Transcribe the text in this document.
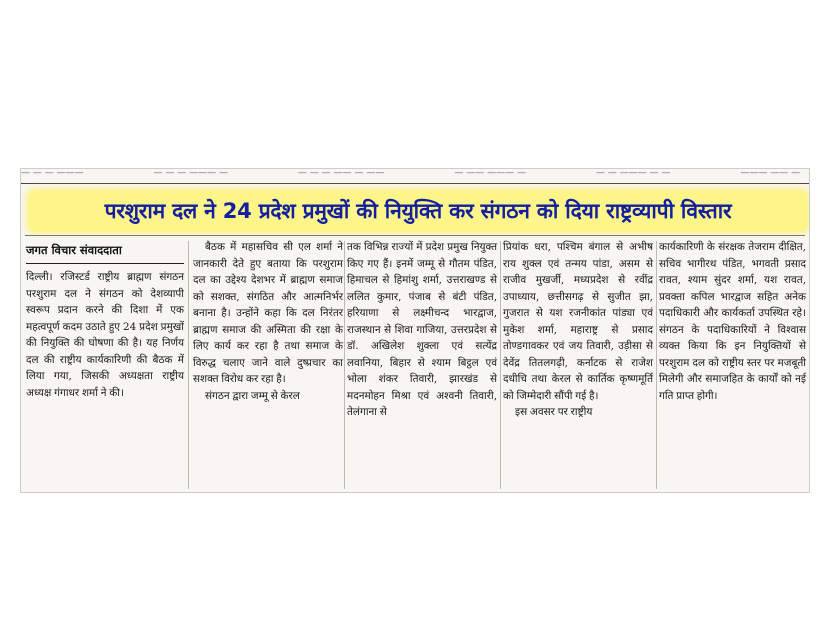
— — — ———	— — — ——— —	— — — —— — ——	— —— ——— —	— — ——— — —	——— —— —
परशुराम दल ने 24 प्रदेश प्रमुखों की नियुक्ति कर संगठन को दिया राष्ट्रव्यापी विस्तार
जगत विचार संवाददाता
दिल्ली। रजिस्टर्ड राष्ट्रीय ब्राह्मण संगठन परशुराम दल ने संगठन को देशव्यापी स्वरूप प्रदान करने की दिशा में एक महत्वपूर्ण कदम उठाते हुए 24 प्रदेश प्रमुखों की नियुक्ति की घोषणा की है। यह निर्णय दल की राष्ट्रीय कार्यकारिणी की बैठक में लिया गया, जिसकी अध्यक्षता राष्ट्रीय अध्यक्ष गंगाधर शर्मा ने की।
बैठक में महासचिव सी एल शर्मा ने जानकारी देते हुए बताया कि परशुराम दल का उद्देश्य देशभर में ब्राह्मण समाज को सशक्त, संगठित और आत्मनिर्भर बनाना है। उन्होंने कहा कि दल निरंतर ब्राह्मण समाज की अस्मिता की रक्षा के लिए कार्य कर रहा है तथा समाज के विरुद्ध चलाए जाने वाले दुष्प्रचार का सशक्त विरोध कर रहा है।
संगठन द्वारा जम्मू से केरल
तक विभिन्न राज्यों में प्रदेश प्रमुख नियुक्त किए गए हैं। इनमें जम्मू से गौतम पंडित, हिमाचल से हिमांशु शर्मा, उत्तराखण्ड से ललित कुमार, पंजाब से बंटी पंडित, हरियाणा से लक्ष्मीचन्द भारद्वाज, राजस्थान से शिवा गाजिया, उत्तरप्रदेश से डॉ. अखिलेश शुक्ला एवं सत्येंद्र लवानिया, बिहार से श्याम बिट्ठल एवं भोला शंकर तिवारी, झारखंड से मदनमोहन मिश्रा एवं अश्वनी तिवारी, तेलंगाना से
प्रियांक धरा, पश्चिम बंगाल से अभीष राय शुक्ल एवं तन्मय पांडा, असम से राजीव मुखर्जी, मध्यप्रदेश से रवींद्र उपाध्याय, छत्तीसगढ़ से सुजीत झा, गुजरात से यश रजनीकांत पांड्या एवं मुकेश शर्मा, महाराष्ट्र से प्रसाद तोण्डगावकर एवं जय तिवारी, उड़ीसा से देवेंद्र तितलगढ़ी, कर्नाटक से राजेश दधीचि तथा केरल से कार्तिक कृष्णमूर्ति को जिम्मेदारी सौंपी गई है।
इस अवसर पर राष्ट्रीय
कार्यकारिणी के संरक्षक तेजराम दीक्षित, सचिव भागीरथ पंडित, भगवती प्रसाद रावत, श्याम सुंदर शर्मा, यश रावत, प्रवक्ता कपिल भारद्वाज सहित अनेक पदाधिकारी और कार्यकर्ता उपस्थित रहे। संगठन के पदाधिकारियों ने विश्वास व्यक्त किया कि इन नियुक्तियों से परशुराम दल को राष्ट्रीय स्तर पर मजबूती मिलेगी और समाजहित के कार्यों को नई गति प्राप्त होगी।
